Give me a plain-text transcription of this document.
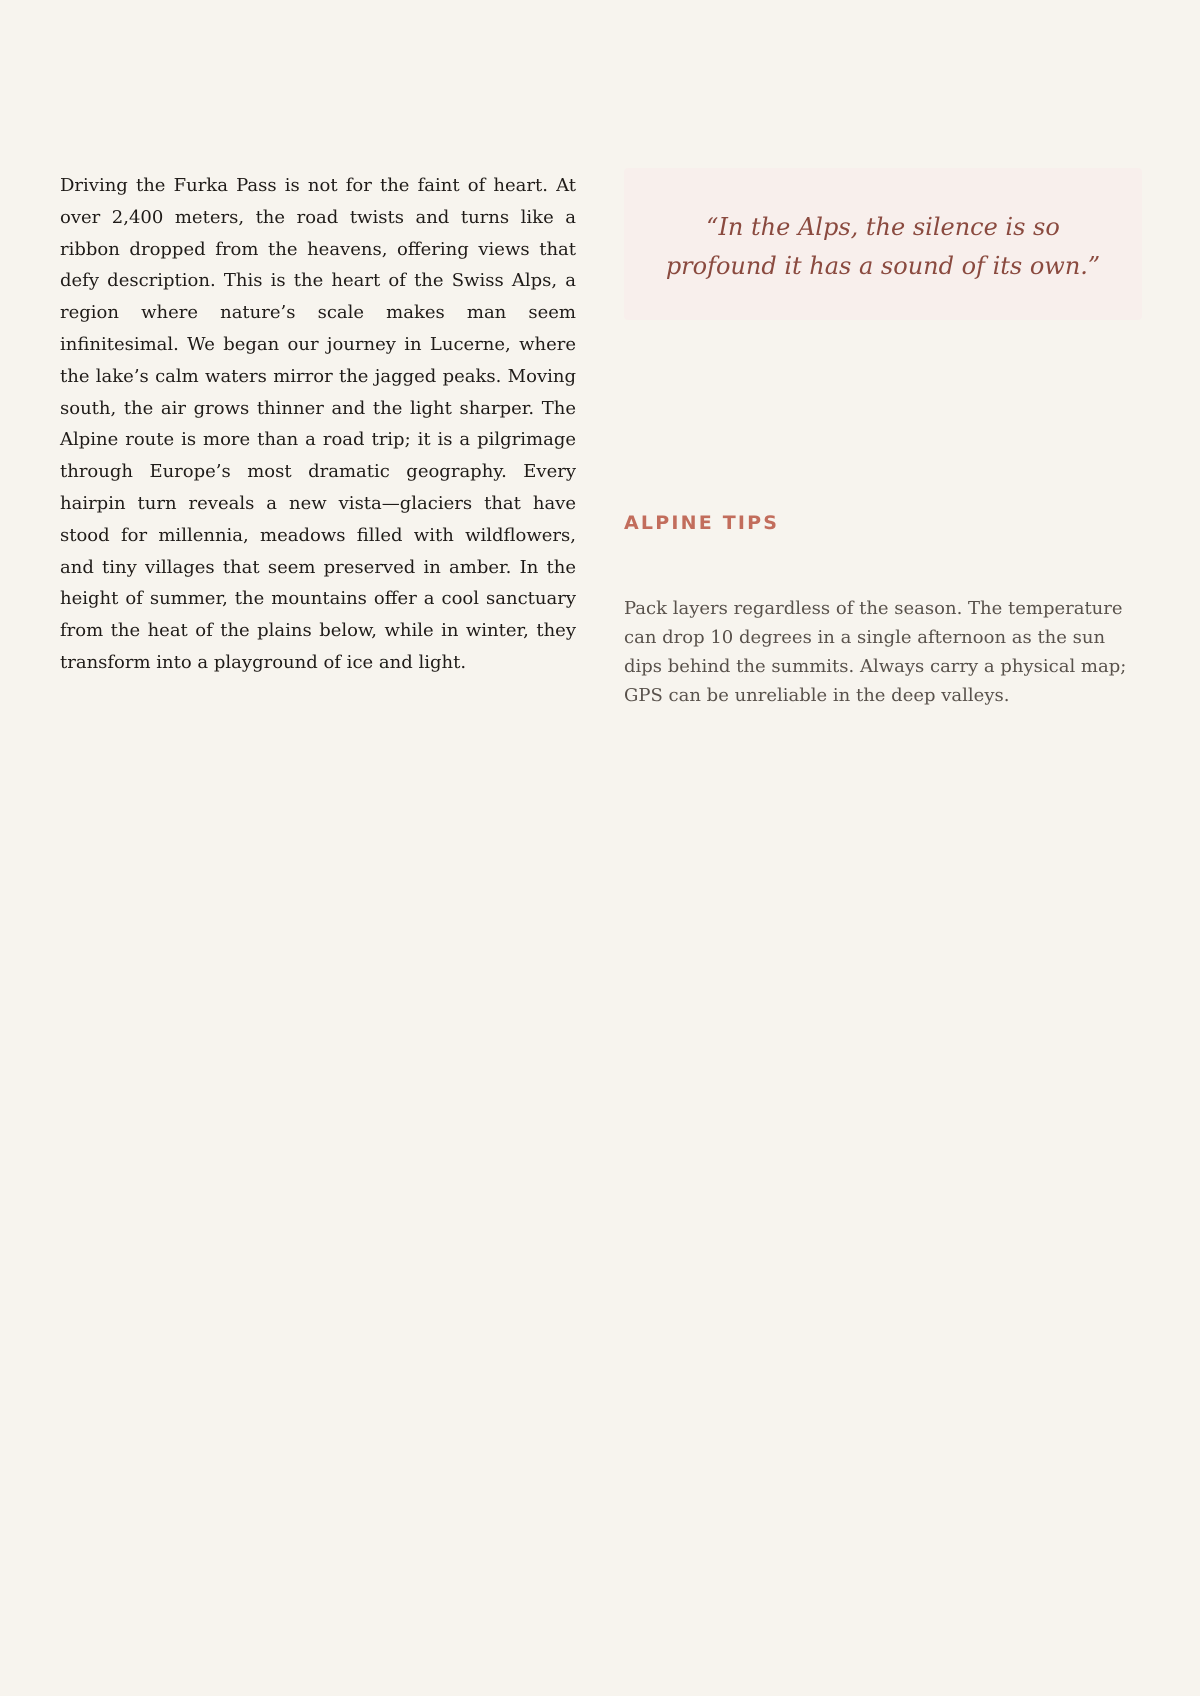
Driving the Furka Pass is not for the faint of heart. At over 2,400 meters, the road twists and turns like a ribbon dropped from the heavens, offering views that defy description. This is the heart of the Swiss Alps, a region where nature’s scale makes man seem infinitesimal. We began our journey in Lucerne, where the lake’s calm waters mirror the jagged peaks. Moving south, the air grows thinner and the light sharper. The Alpine route is more than a road trip; it is a pilgrimage through Europe’s most dramatic geography. Every hairpin turn reveals a new vista—glaciers that have stood for millennia, meadows filled with wildflowers, and tiny villages that seem preserved in amber. In the height of summer, the mountains offer a cool sanctuary from the heat of the plains below, while in winter, they transform into a playground of ice and light.

“In the Alps, the silence is so profound it has a sound of its own.”

ALPINE TIPS

Pack layers regardless of the season. The temperature can drop 10 degrees in a single afternoon as the sun dips behind the summits. Always carry a physical map; GPS can be unreliable in the deep valleys.
